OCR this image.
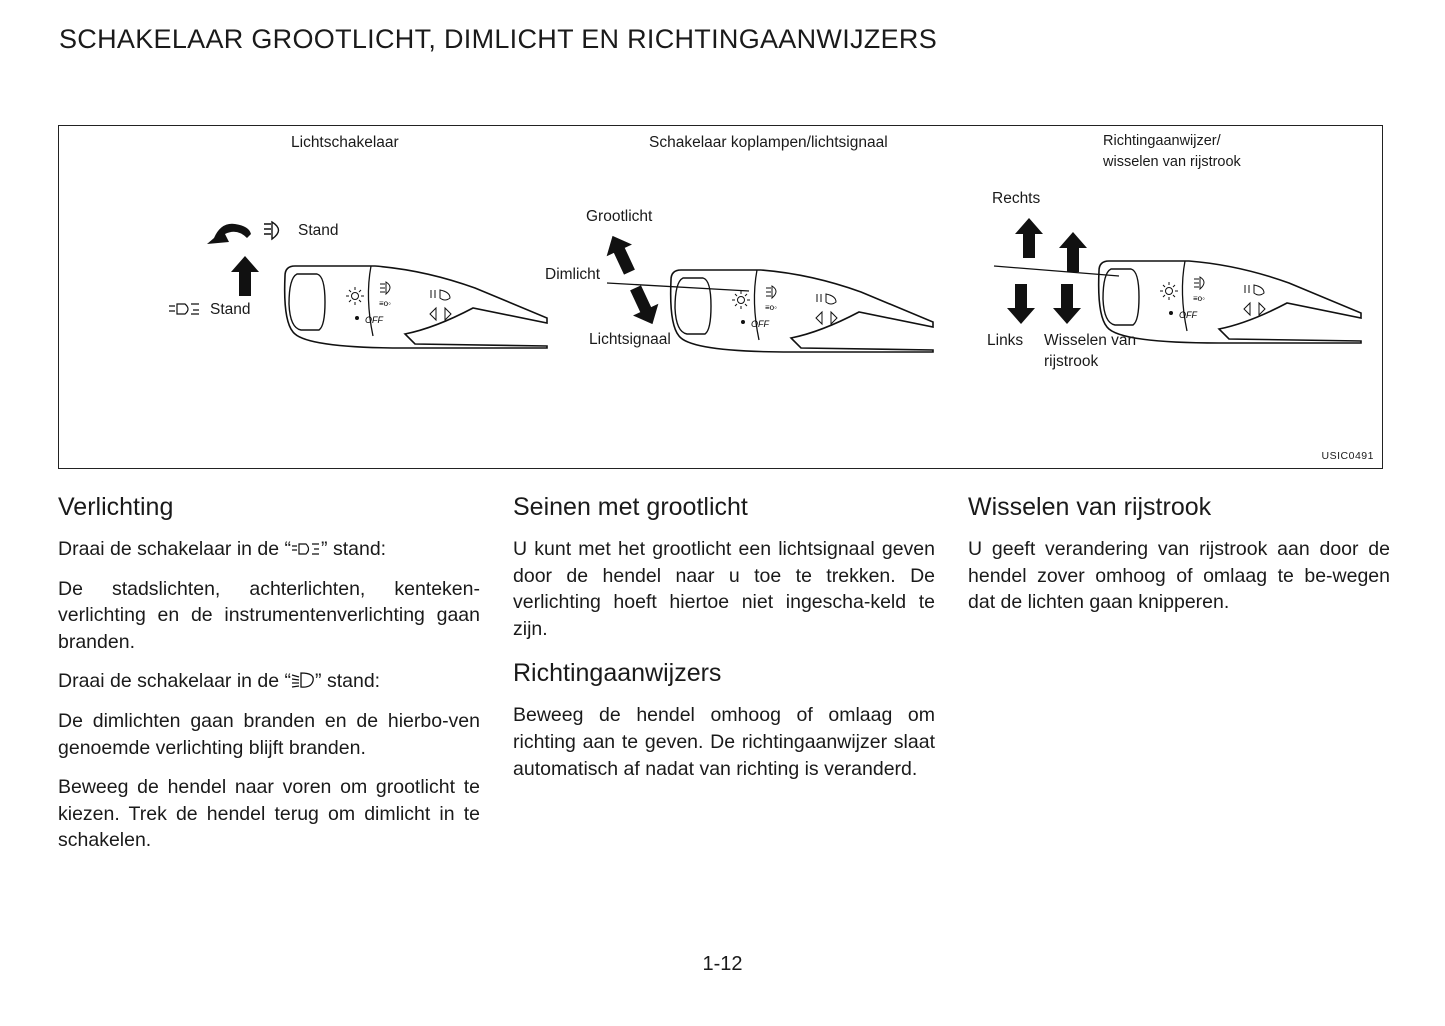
SCHAKELAAR GROOTLICHT, DIMLICHT EN RICHTINGAANWIJZERS
OFF
≡o◦
Lichtschakelaar
Stand
Stand
Schakelaar koplampen/lichtsignaal
Grootlicht
Dimlicht
Lichtsignaal
Richtingaanwijzer/
wisselen van rijstrook
Rechts
Links Wisselen van
rijstrook
USIC0491
Verlichting

Draai de schakelaar in de “ ” stand:

De stadslichten, achterlichten, kenteken-verlichting en de instrumentenverlichting gaan branden.

Draai de schakelaar in de “ ” stand:

De dimlichten gaan branden en de hierbo-ven genoemde verlichting blijft branden.

Beweeg de hendel naar voren om grootlicht te kiezen. Trek de hendel terug om dimlicht in te schakelen.

Seinen met grootlicht

U kunt met het grootlicht een lichtsignaal geven door de hendel naar u toe te trekken. De verlichting hoeft hiertoe niet ingescha-keld te zijn.

Richtingaanwijzers

Beweeg de hendel omhoog of omlaag om richting aan te geven. De richtingaanwijzer slaat automatisch af nadat van richting is veranderd.

Wisselen van rijstrook

U geeft verandering van rijstrook aan door de hendel zover omhoog of omlaag te be-wegen dat de lichten gaan knipperen.

1-12
